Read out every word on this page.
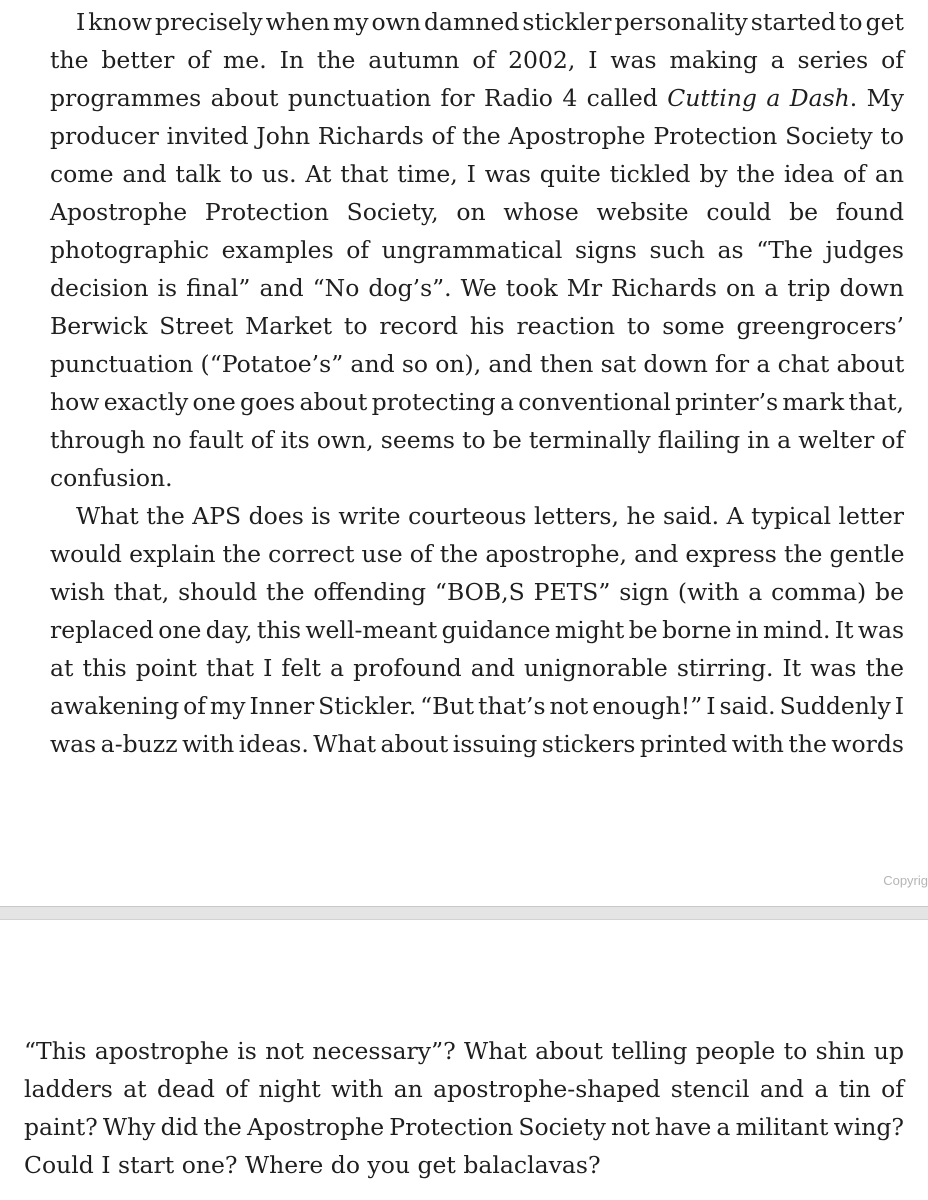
I know precisely when my own damned stickler personality started to get
the better of me. In the autumn of 2002, I was making a series of
programmes about punctuation for Radio 4 called Cutting a Dash. My
producer invited John Richards of the Apostrophe Protection Society to
come and talk to us. At that time, I was quite tickled by the idea of an
Apostrophe Protection Society, on whose website could be found
photographic examples of ungrammatical signs such as “The judges
decision is final” and “No dog’s”. We took Mr Richards on a trip down
Berwick Street Market to record his reaction to some greengrocers’
punctuation (“Potatoe’s” and so on), and then sat down for a chat about
how exactly one goes about protecting a conventional printer’s mark that,
through no fault of its own, seems to be terminally flailing in a welter of
confusion.

What the APS does is write courteous letters, he said. A typical letter
would explain the correct use of the apostrophe, and express the gentle
wish that, should the offending “BOB,S PETS” sign (with a comma) be
replaced one day, this well-meant guidance might be borne in mind. It was
at this point that I felt a profound and unignorable stirring. It was the
awakening of my Inner Stickler. “But that’s not enough!” I said. Suddenly I
was a-buzz with ideas. What about issuing stickers printed with the words

Copyrig

“This apostrophe is not necessary”? What about telling people to shin up
ladders at dead of night with an apostrophe-shaped stencil and a tin of
paint? Why did the Apostrophe Protection Society not have a militant wing?
Could I start one? Where do you get balaclavas?
